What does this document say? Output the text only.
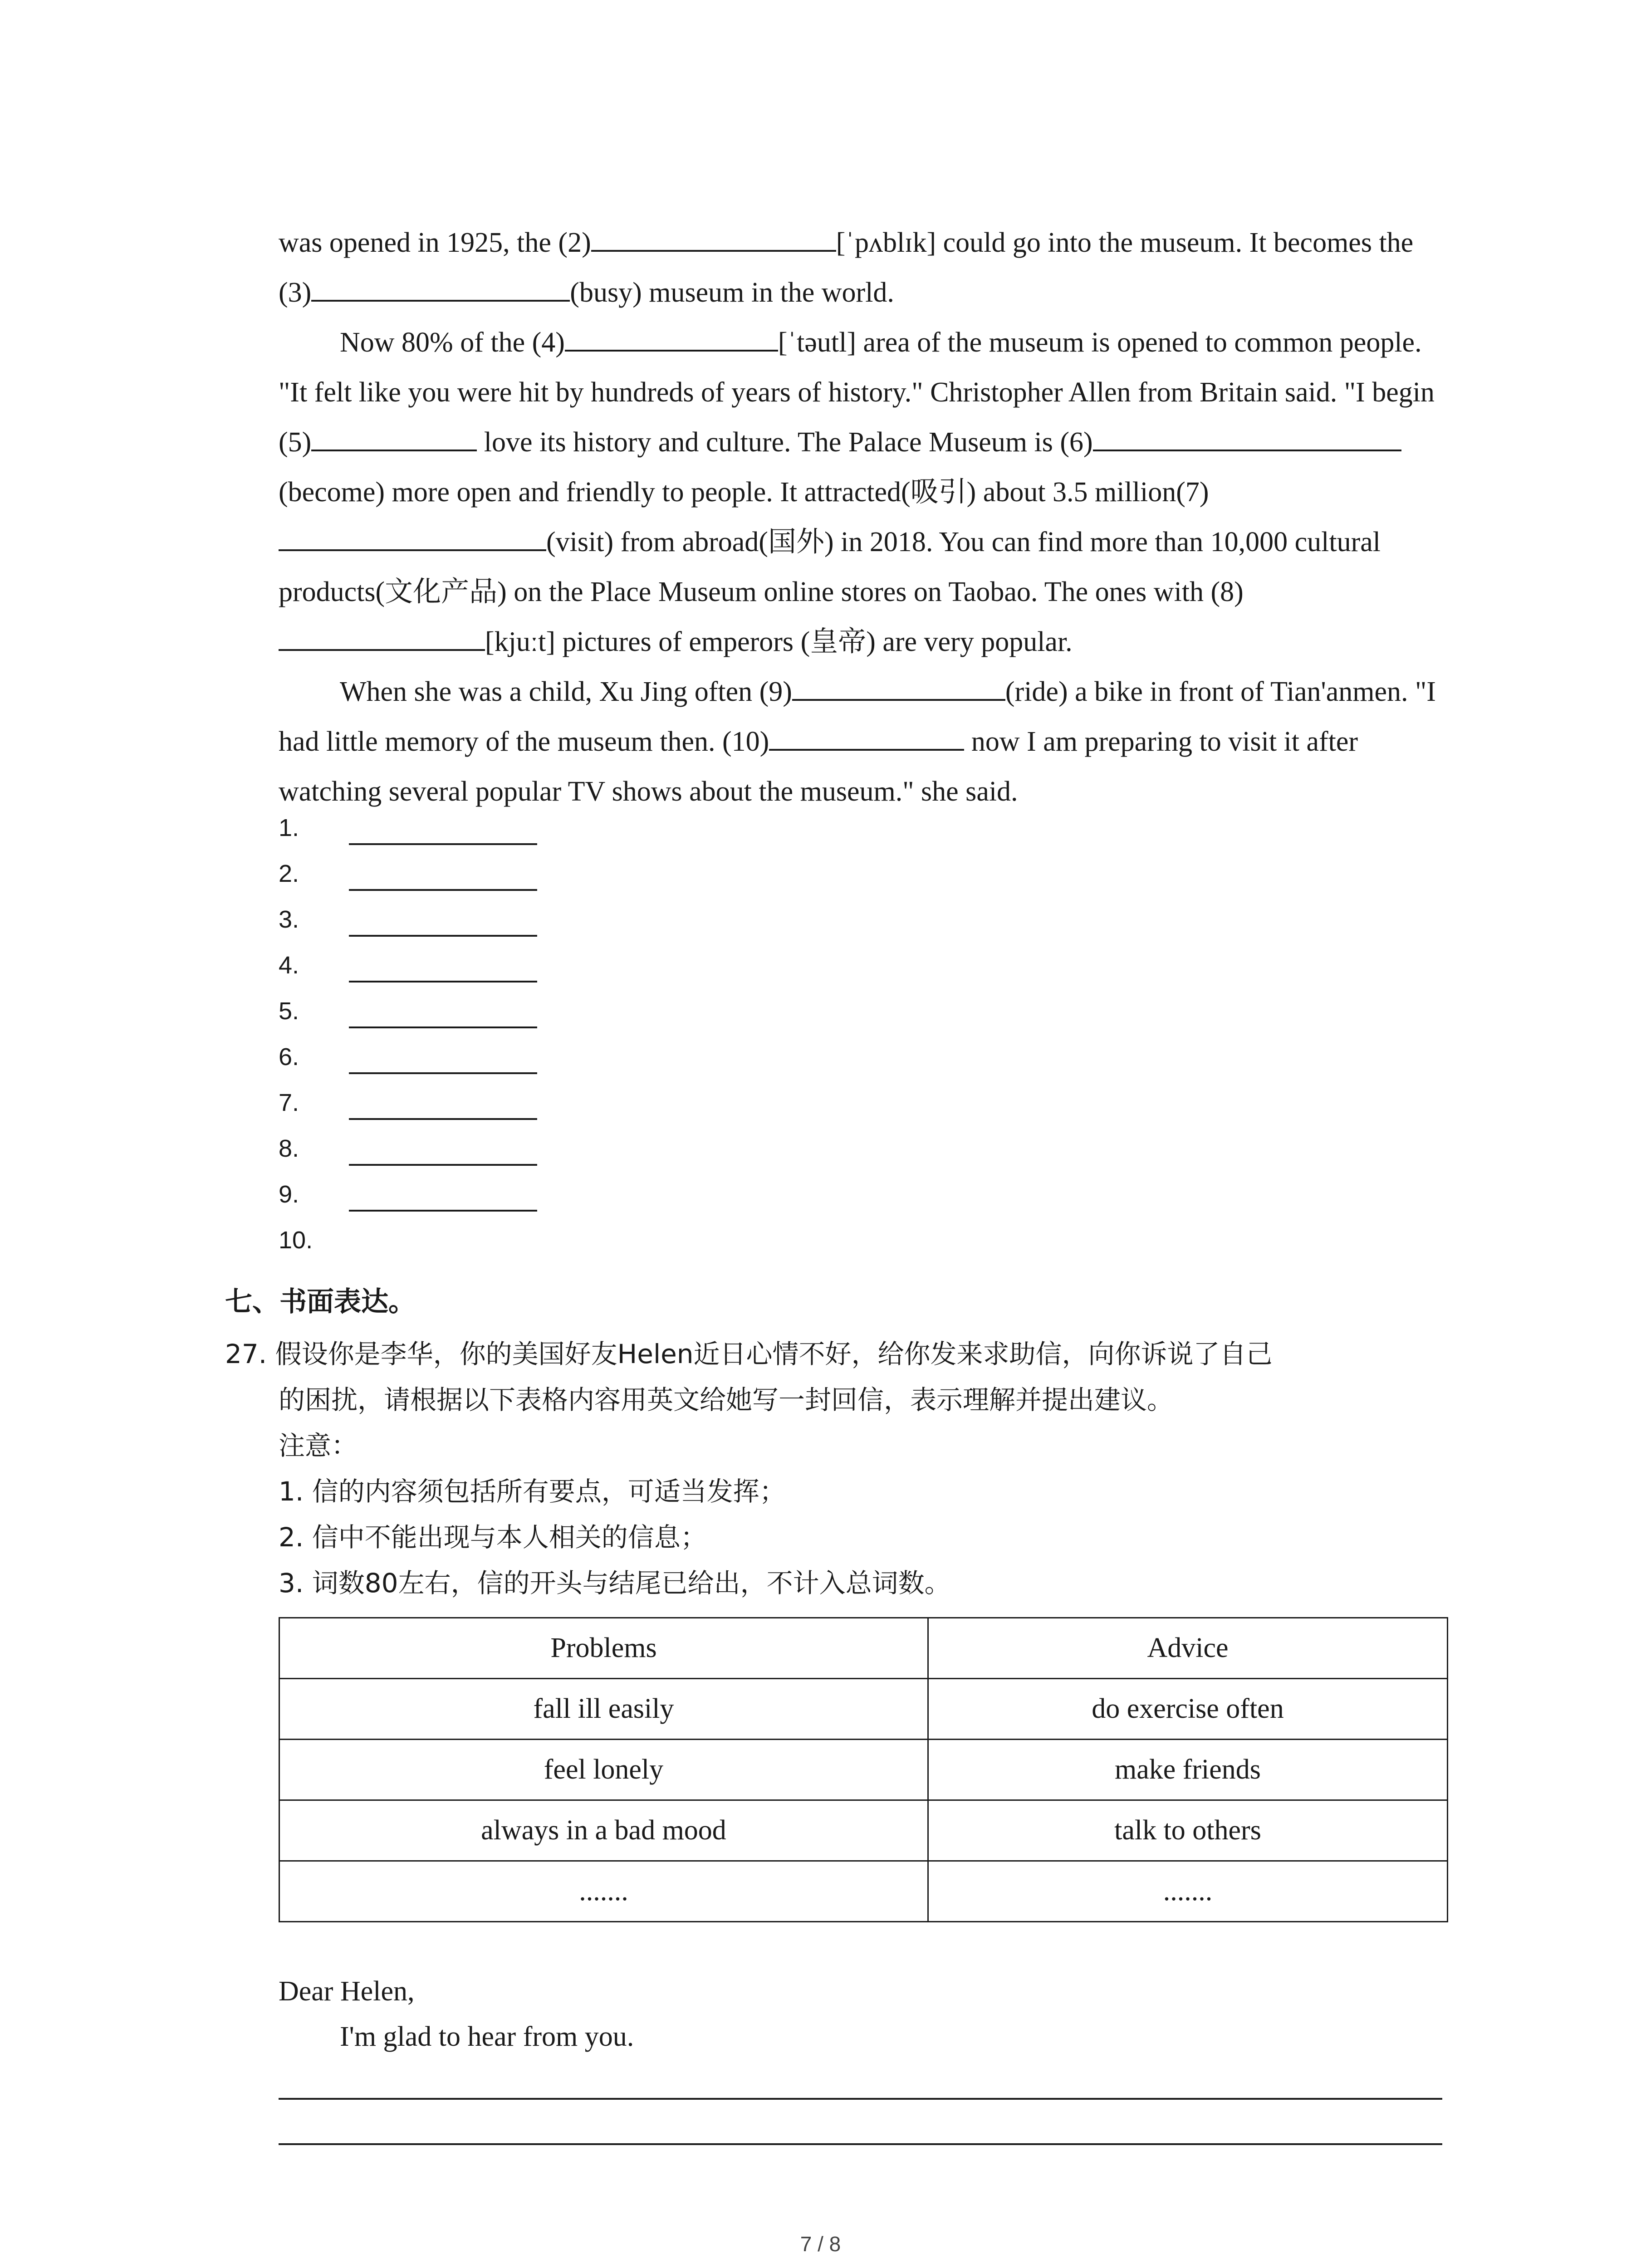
was opened in 1925, the (2)	[ˈpʌblɪk] could go into the museum. It becomes the (3)	(busy) museum in the world.

Now 80% of the (4)	[ˈtəutl] area of the museum is opened to common people. "It felt like you were hit by hundreds of years of history." Christopher Allen from Britain said. "I begin (5)	love its history and culture. The Palace Museum is (6)(become) more open and friendly to people. It attracted(吸引) about 3.5 million(7)(visit) from abroad(国外) in 2018. You can find more than 10,000 cultural products(文化产品) on the Place Museum online stores on Taobao. The ones with (8)[kjuːt] pictures of emperors (皇帝) are very popular.

When she was a child, Xu Jing often (9)	(ride) a bike in front of Tian'anmen. "I had little memory of the museum then. (10)	now I am preparing to visit it after watching several popular TV shows about the museum." she said.

1.
2.
3.
4.
5.
6.
7.
8.
9.
10.
七、书面表达。

27. 假设你是李华，你的美国好友Helen近日心情不好，给你发来求助信，向你诉说了自己

的困扰，请根据以下表格内容用英文给她写一封回信，表示理解并提出建议。

注意：

1. 信的内容须包括所有要点，可适当发挥；

2. 信中不能出现与本人相关的信息；

3. 词数80左右，信的开头与结尾已给出，不计入总词数。

Problems	Advice
fall ill easily	do exercise often
feel lonely	make friends
always in a bad mood	talk to others
.......	.......

Dear Helen,

I'm glad to hear from you.

7 / 8
